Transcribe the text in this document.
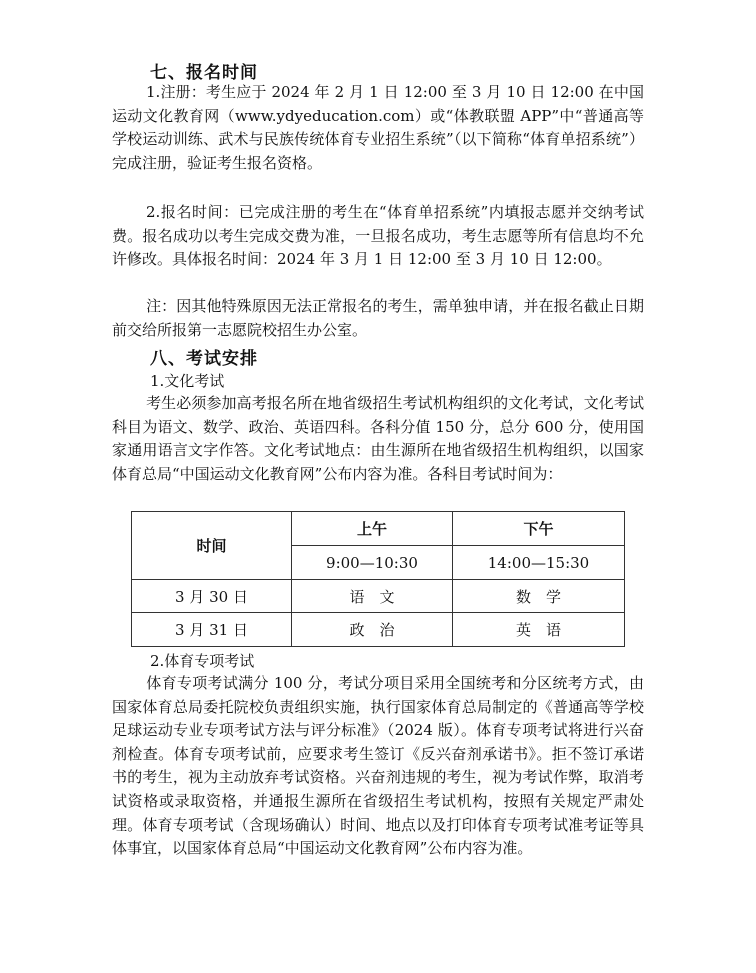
七、报名时间

1.注册：考生应于 2024 年 2 月 1 日 12:00 至 3 月 10 日 12:00 在中国运动文化教育网（www.ydyeducation.com）或“体教联盟 APP”中“普通高等学校运动训练、武术与民族传统体育专业招生系统”（以下简称“体育单招系统”）完成注册，验证考生报名资格。

2.报名时间：已完成注册的考生在“体育单招系统”内填报志愿并交纳考试费。报名成功以考生完成交费为准，一旦报名成功，考生志愿等所有信息均不允许修改。具体报名时间：2024 年 3 月 1 日 12:00 至 3 月 10 日 12:00。

注：因其他特殊原因无法正常报名的考生，需单独申请，并在报名截止日期前交给所报第一志愿院校招生办公室。

八、考试安排
1.文化考试

考生必须参加高考报名所在地省级招生考试机构组织的文化考试，文化考试科目为语文、数学、政治、英语四科。各科分值 150 分，总分 600 分，使用国家通用语言文字作答。文化考试地点：由生源所在地省级招生机构组织，以国家体育总局“中国运动文化教育网”公布内容为准。各科目考试时间为：

时间	上午	下午
	9:00—10:30	14:00—15:30
3 月 30 日	语　文	数　学
3 月 31 日	政　治	英　语
2.体育专项考试

体育专项考试满分 100 分，考试分项目采用全国统考和分区统考方式，由国家体育总局委托院校负责组织实施，执行国家体育总局制定的《普通高等学校足球运动专业专项考试方法与评分标准》（2024 版）。体育专项考试将进行兴奋剂检查。体育专项考试前，应要求考生签订《反兴奋剂承诺书》。拒不签订承诺书的考生，视为主动放弃考试资格。兴奋剂违规的考生，视为考试作弊，取消考试资格或录取资格，并通报生源所在省级招生考试机构，按照有关规定严肃处理。体育专项考试（含现场确认）时间、地点以及打印体育专项考试准考证等具体事宜，以国家体育总局“中国运动文化教育网”公布内容为准。
